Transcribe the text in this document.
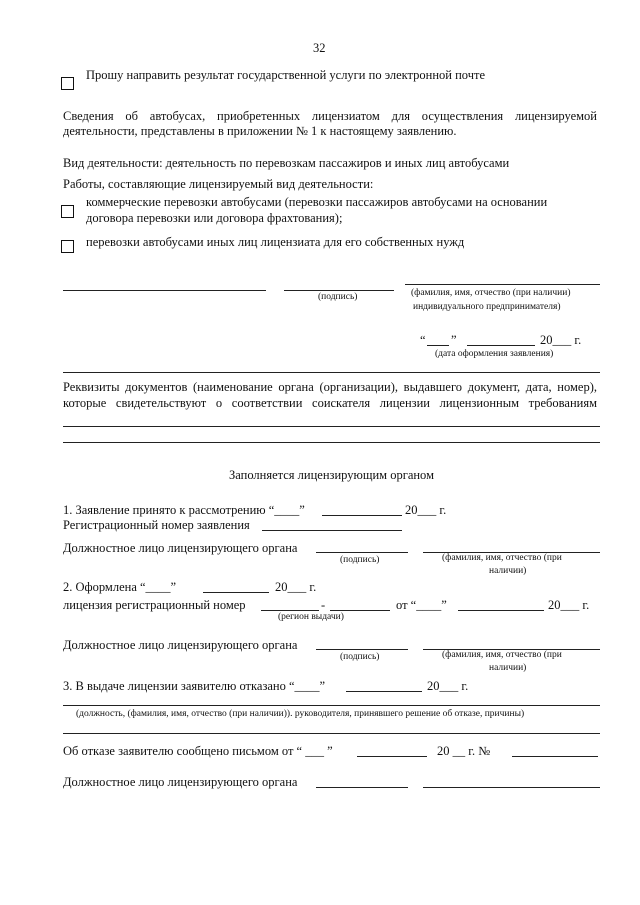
32
Прошу направить результат государственной услуги по электронной почте
Сведения об автобусах, приобретенных лицензиатом для осуществления лицензируемой
деятельности, представлены в приложении № 1 к настоящему заявлению.
Вид деятельности: деятельность по перевозкам пассажиров и иных лиц автобусами
Работы, составляющие лицензируемый вид деятельности:
коммерческие перевозки автобусами (перевозки пассажиров автобусами на основании
договора перевозки или договора фрахтования);
перевозки автобусами иных лиц лицензиата для его собственных нужд
(подпись)	(фамилия, имя, отчество (при наличии)
индивидуального предпринимателя)
“ ”	20___ г.
(дата оформления заявления)
Реквизиты документов (наименование органа (организации), выдавшего документ, дата, номер),
которые свидетельствуют о соответствии соискателя лицензии лицензионным требованиям
Заполняется лицензирующим органом
1. Заявление принято к рассмотрению “____”	20___ г.
Регистрационный номер заявления
Должностное лицо лицензирующего органа
(подпись)	(фамилия, имя, отчество (при
наличии)
2. Оформлена “____”	20___ г.
лицензия регистрационный номер	-	от “____”	20___ г.
(регион выдачи)
Должностное лицо лицензирующего органа
(подпись)	(фамилия, имя, отчество (при
наличии)
3. В выдаче лицензии заявителю отказано “____”	20___ г.
(должность, (фамилия, имя, отчество (при наличии)). руководителя, принявшего решение об отказе, причины)
Об отказе заявителю сообщено письмом от “ ___ ”	20 __ г. №
Должностное лицо лицензирующего органа
